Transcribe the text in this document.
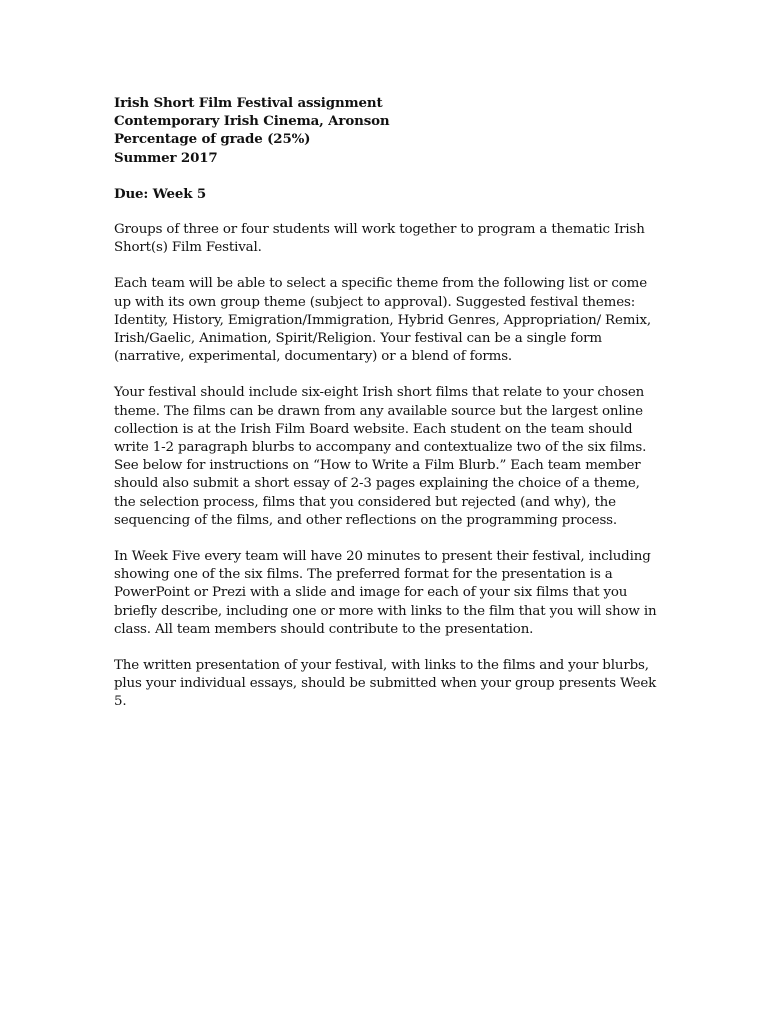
Irish Short Film Festival assignment

Contemporary Irish Cinema, Aronson

Percentage of grade (25%)

Summer 2017

Due: Week 5

Groups of three or four students will work together to program a thematic Irish Short(s) Film Festival.

Each team will be able to select a specific theme from the following list or come up with its own group theme (subject to approval). Suggested festival themes: Identity, History, Emigration/Immigration, Hybrid Genres, Appropriation/ Remix, Irish/Gaelic, Animation, Spirit/Religion. Your festival can be a single form (narrative, experimental, documentary) or a blend of forms.

Your festival should include six-eight Irish short films that relate to your chosen theme. The films can be drawn from any available source but the largest online collection is at the Irish Film Board website. Each student on the team should write 1-2 paragraph blurbs to accompany and contextualize two of the six films. See below for instructions on “How to Write a Film Blurb.” Each team member should also submit a short essay of 2-3 pages explaining the choice of a theme, the selection process, films that you considered but rejected (and why), the sequencing of the films, and other reflections on the programming process.

In Week Five every team will have 20 minutes to present their festival, including showing one of the six films. The preferred format for the presentation is a PowerPoint or Prezi with a slide and image for each of your six films that you briefly describe, including one or more with links to the film that you will show in class. All team members should contribute to the presentation.

The written presentation of your festival, with links to the films and your blurbs, plus your individual essays, should be submitted when your group presents Week 5.
